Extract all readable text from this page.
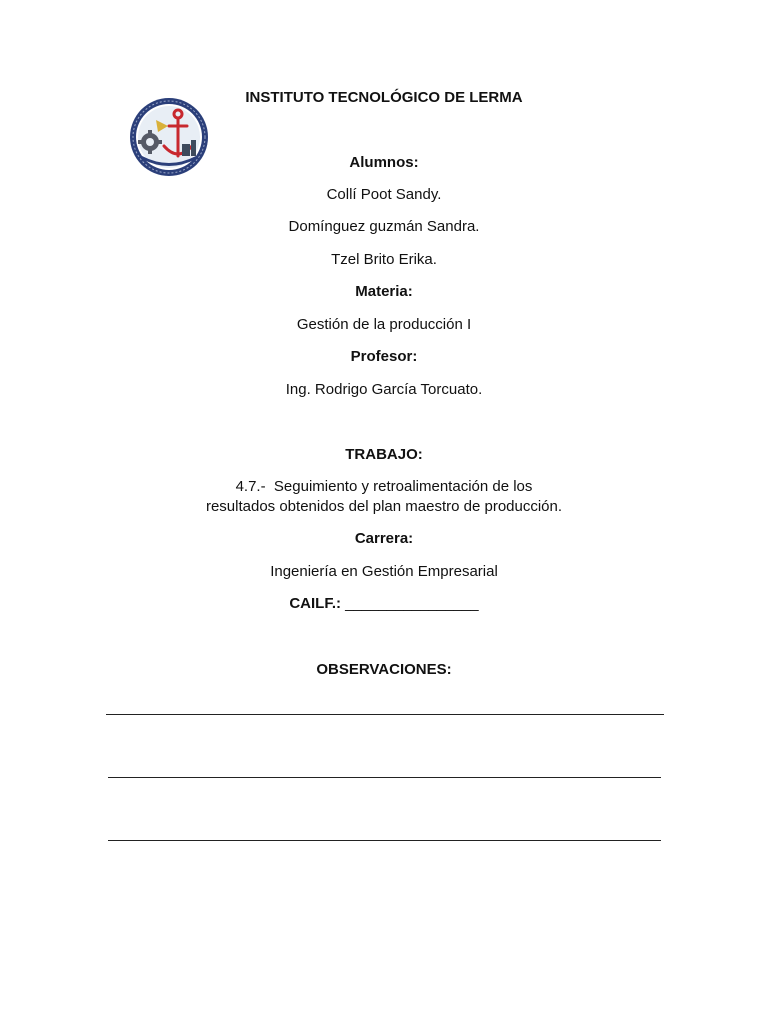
INSTITUTO TECNOLÓGICO DE LERMA
Alumnos:
Collí Poot Sandy.
Domínguez guzmán Sandra.
Tzel Brito Erika.
Materia:
Gestión de la producción I
Profesor:
Ing. Rodrigo García Torcuato.
TRABAJO:
4.7.-  Seguimiento y retroalimentación de los
resultados obtenidos del plan maestro de producción.
Carrera:
Ingeniería en Gestión Empresarial
CAILF.: ________________
OBSERVACIONES:
